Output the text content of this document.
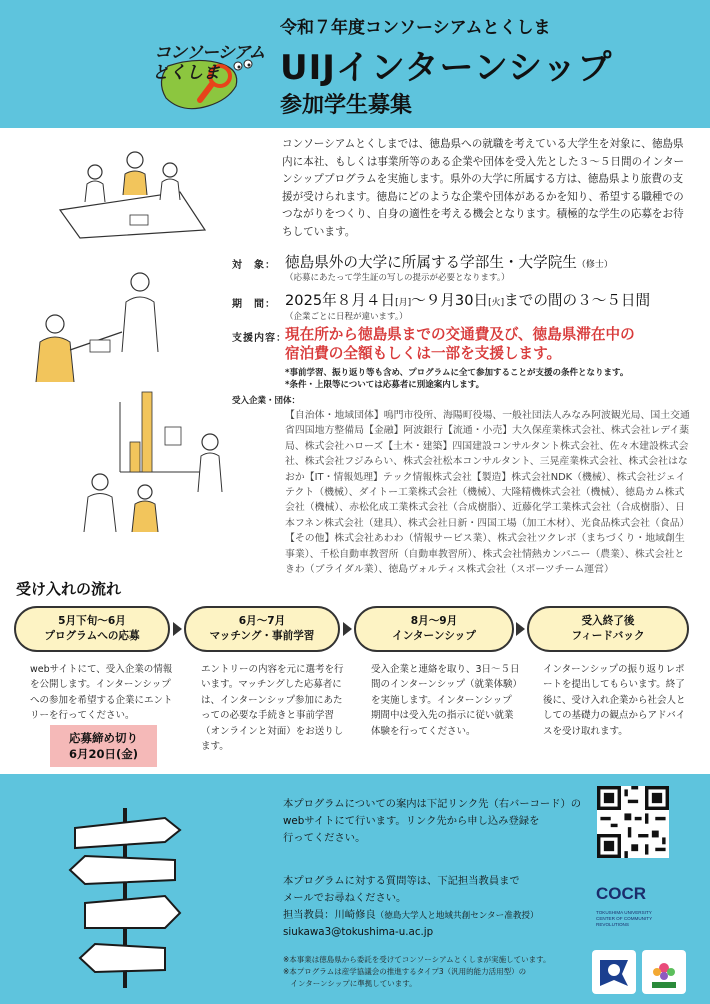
コンソーシアム
とくしま
令和７年度コンソーシアムとくしま
UIJインターンシップ
参加学生募集
コンソーシアムとくしまでは、徳島県への就職を考えている大学生を対象に、徳島県内に本社、もしくは事業所等のある企業や団体を受入先とした３〜５日間のインターンシッププログラムを実施します。県外の大学に所属する方は、徳島県より旅費の支援が受けられます。徳島にどのような企業や団体があるかを知り、希望する職種でのつながりをつくり、自身の適性を考える機会となります。積極的な学生の応募をお待ちしています。
対　象： 徳島県外の大学に所属する学部生・大学院生（修士）
（応募にあたって学生証の写しの提示が必要となります。）
期　間： 2025年８月４日[月]〜９月30日[火]までの間の３〜５日間
（企業ごとに日程が違います。）
支援内容：
現在所から徳島県までの交通費及び、徳島県滞在中の
宿泊費の全額もしくは一部を支援します。
*事前学習、振り返り等も含め、プログラムに全て参加することが支援の条件となります。
*条件・上限等については応募者に別途案内します。
受入企業・団体：
【自治体・地域団体】鳴門市役所、海陽町役場、一般社団法人みなみ阿波観光局、国土交通省四国地方整備局【金融】阿波銀行【流通・小売】大久保産業株式会社、株式会社レデイ薬局、株式会社ハローズ【土木・建築】四国建設コンサルタント株式会社、佐々木建設株式会社、株式会社フジみらい、株式会社松本コンサルタント、三晃産業株式会社、株式会社はなおか【IT・情報処理】テック情報株式会社【製造】株式会社NDK（機械）、株式会社ジェイテクト（機械）、ダイトー工業株式会社（機械）、大隆精機株式会社（機械）、徳島カム株式会社（機械）、赤松化成工業株式会社（合成樹脂）、近藤化学工業株式会社（合成樹脂）、日本フネン株式会社（建具）、株式会社日新・四国工場（加工木材）、光食品株式会社（食品）【その他】株式会社あわわ（情報サービス業）、株式会社ツクレボ（まちづくり・地域創生事業）、千松自動車教習所（自動車教習所）、株式会社情熱カンパニー（農業）、株式会社ときわ（ブライダル業）、徳島ヴォルティス株式会社（スポーツチーム運営）
受け入れの流れ
5月下旬〜6月
プログラムへの応募
6月〜7月
マッチング・事前学習
8月〜9月
インターンシップ
受入終了後
フィードバック
webサイトにて、受入企業の情報を公開します。インターンシップへの参加を希望する企業にエントリーを行ってください。
エントリーの内容を元に選考を行います。マッチングした応募者には、インターンシップ参加にあたっての必要な手続きと事前学習（オンラインと対面）をお送りします。
受入企業と連絡を取り、3日〜５日間のインターンシップ（就業体験）を実施します。インターンシップ期間中は受入先の指示に従い就業体験を行ってください。
インターンシップの振り返りレポートを提出してもらいます。終了後に、受け入れ企業から社会人としての基礎力の観点からアドバイスを受け取れます。
応募締め切り
6月20日(金)
本プログラムについての案内は下記リンク先（右バーコード）の
webサイトにて行います。リンク先から申し込み登録を
行ってください。
本プログラムに対する質問等は、下記担当教員まで
メールでお尋ねください。
担当教員：川崎修良（徳島大学人と地域共創センター准教授）
siukawa3@tokushima-u.ac.jp
※本事業は徳島県から委託を受けてコンソーシアムとくしまが実施しています。
※本プログラムは産学協議会の推進するタイプ3（汎用的能力活用型）の
　インターンシップに準拠しています。
COCR
TOKUSHIMA UNIVERSITY
CENTER OF COMMUNITY
REVOLUTIONS
